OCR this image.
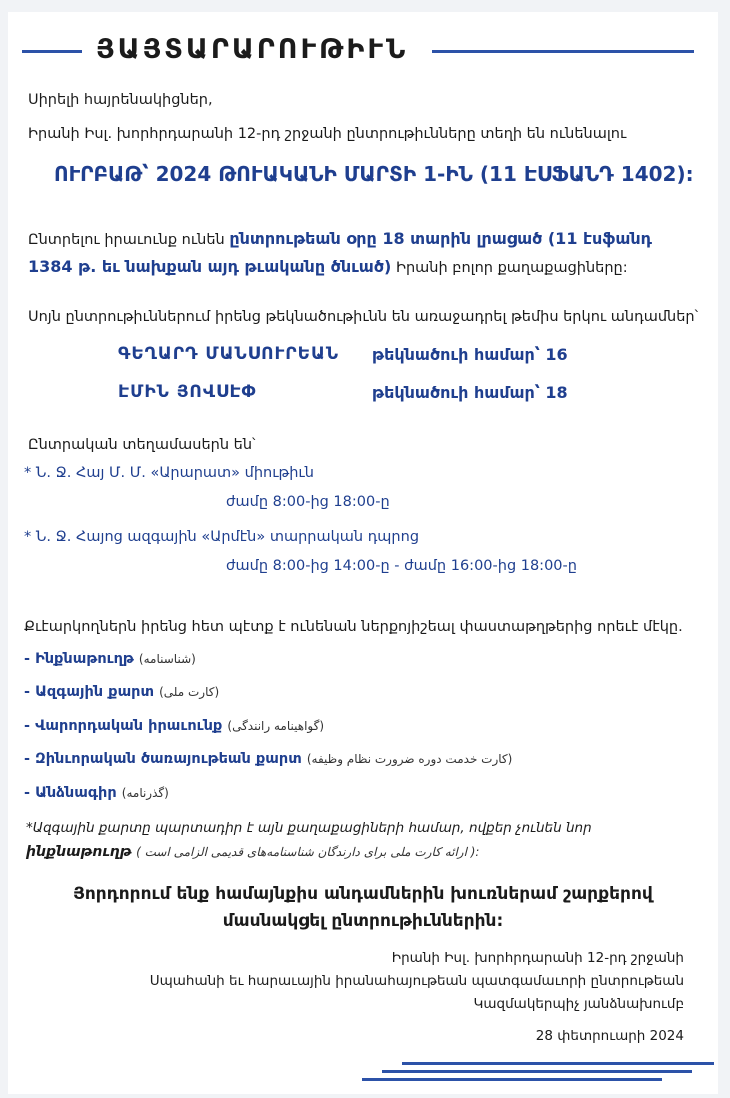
ՅԱՅՏԱՐԱՐՈՒԹԻՒՆ
Սիրելի հայրենակիցներ,
Իրանի Իսլ. խորհրդարանի 12-րդ շրջանի ընտրութիւնները տեղի են ունենալու
ՈՒՐԲԱԹ՝ 2024 ԹՈՒԱԿԱՆԻ ՄԱՐՏԻ 1-ԻՆ (11 ԷՍՖԱՆԴ 1402):
Ընտրելու իրաւունք ունեն ընտրութեան օրը 18 տարին լրացած (11 էսֆանդ
1384 թ. եւ նախքան այդ թւականը ծնւած) Իրանի բոլոր քաղաքացիները:
Սոյն ընտրութիւններում իրենց թեկնածութիւնն են առաջադրել թեմիս երկու անդամներ՝
ԳԵՂԱՐԴ ՄԱՆՍՈՒՐԵԱՆ թեկնածուի համար՝ 16
ԷՄԻՆ ՅՈՎՍԷՓ	թեկնածուի համար՝ 18
Ընտրական տեղամասերն են՝
* Ն. Ջ. Հայ Մ. Մ. «Արարատ» միութիւն
ժամը 8:00-ից 18:00-ը
* Ն. Ջ. Հայոց ազգային «Արմէն» տարրական դպրոց
ժամը 8:00-ից 14:00-ը - ժամը 16:00-ից 18:00-ը
Քւէարկողներն իրենց հետ պէտք է ունենան ներքոյիշեալ փաստաթղթերից որեւէ մէկը.
- Ինքնաթուղթ (شناسنامه)
- Ազգային քարտ (کارت ملی)
- Վարորդական իրաւունք (گواهینامه رانندگی)
- Զինւորական ծառայութեան քարտ (کارت خدمت دوره ضرورت نظام وظیفه)
- Անձնագիր (گذرنامه)
*Ազգային քարտը պարտադիր է այն քաղաքացիների համար, ովքեր չունեն նոր
ինքնաթուղթ ( ارائه کارت ملی برای دارندگان شناسنامه‌های قدیمی الزامی است ):
Յորդորում ենք համայնքիս անդամներին խուռներամ շարքերով
մասնակցել ընտրութիւններին:
Իրանի Իսլ. խորհրդարանի 12-րդ շրջանի
Սպահանի եւ հարաւային իրանահայութեան պատգամաւորի ընտրութեան
Կազմակերպիչ յանձնախումբ
28 փետրուարի 2024
